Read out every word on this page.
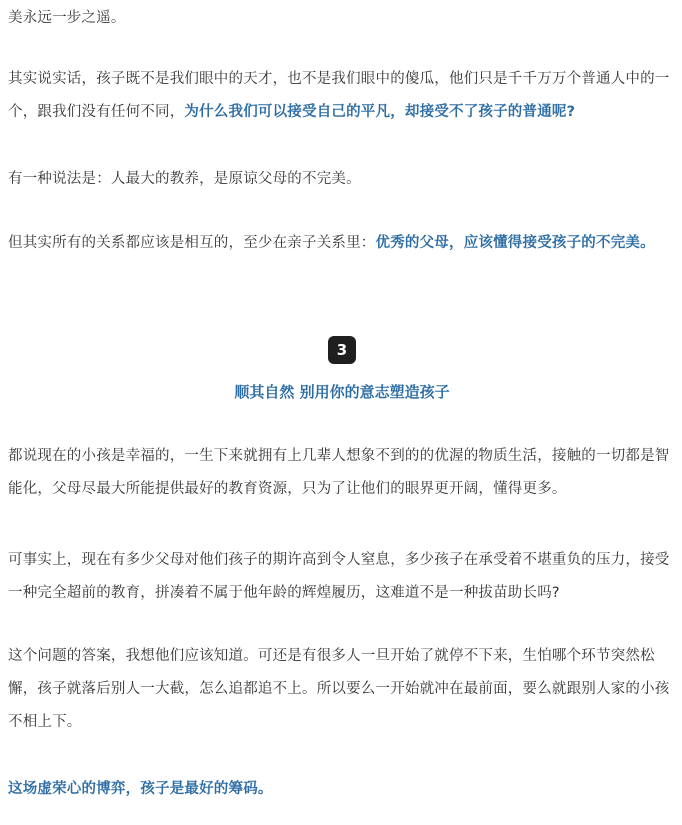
美永远一步之遥。

其实说实话，孩子既不是我们眼中的天才，也不是我们眼中的傻瓜，他们只是千千万万个普通人中的一个，跟我们没有任何不同，为什么我们可以接受自己的平凡，却接受不了孩子的普通呢?

有一种说法是：人最大的教养，是原谅父母的不完美。

但其实所有的关系都应该是相互的，至少在亲子关系里：优秀的父母，应该懂得接受孩子的不完美。

3
顺其自然 别用你的意志塑造孩子

都说现在的小孩是幸福的，一生下来就拥有上几辈人想象不到的的优渥的物质生活，接触的一切都是智能化，父母尽最大所能提供最好的教育资源，只为了让他们的眼界更开阔，懂得更多。

可事实上，现在有多少父母对他们孩子的期许高到令人窒息，多少孩子在承受着不堪重负的压力，接受一种完全超前的教育，拼凑着不属于他年龄的辉煌履历，这难道不是一种拔苗助长吗?

这个问题的答案，我想他们应该知道。可还是有很多人一旦开始了就停不下来，生怕哪个环节突然松懈，孩子就落后别人一大截，怎么追都追不上。所以要么一开始就冲在最前面，要么就跟别人家的小孩不相上下。

这场虚荣心的博弈，孩子是最好的筹码。
